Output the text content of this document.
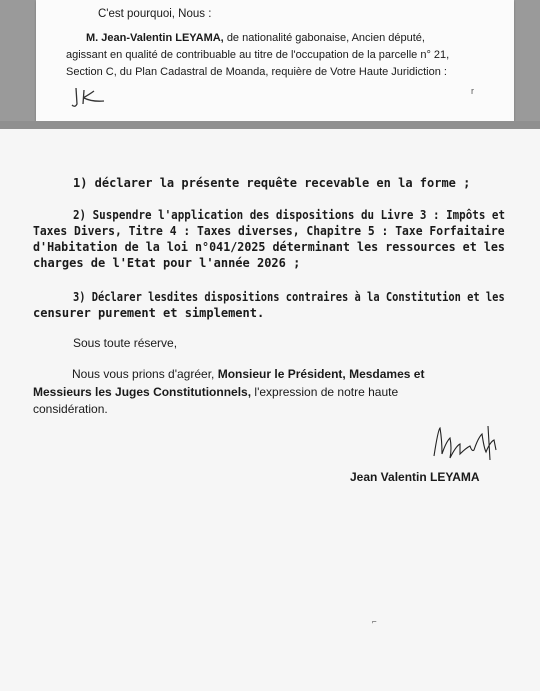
C'est pourquoi, Nous :
M. Jean-Valentin LEYAMA, de nationalité gabonaise, Ancien député,
agissant en qualité de contribuable au titre de l'occupation de la parcelle n° 21,
Section C, du Plan Cadastral de Moanda, requière de Votre Haute Juridiction :
r
1) déclarer la présente requête recevable en la forme ;
2) Suspendre l'application des dispositions du Livre 3 : Impôts et
Taxes Divers, Titre 4 : Taxes diverses, Chapitre 5 : Taxe Forfaitaire
d'Habitation de la loi n°041/2025 déterminant les ressources et les
charges de l'Etat pour l'année 2026 ;
3) Déclarer lesdites dispositions contraires à la Constitution et les
censurer purement et simplement.
Sous toute réserve,
Nous vous prions d'agréer, Monsieur le Président, Mesdames et
Messieurs les Juges Constitutionnels, l'expression de notre haute
considération.
Jean Valentin LEYAMA
⌐
